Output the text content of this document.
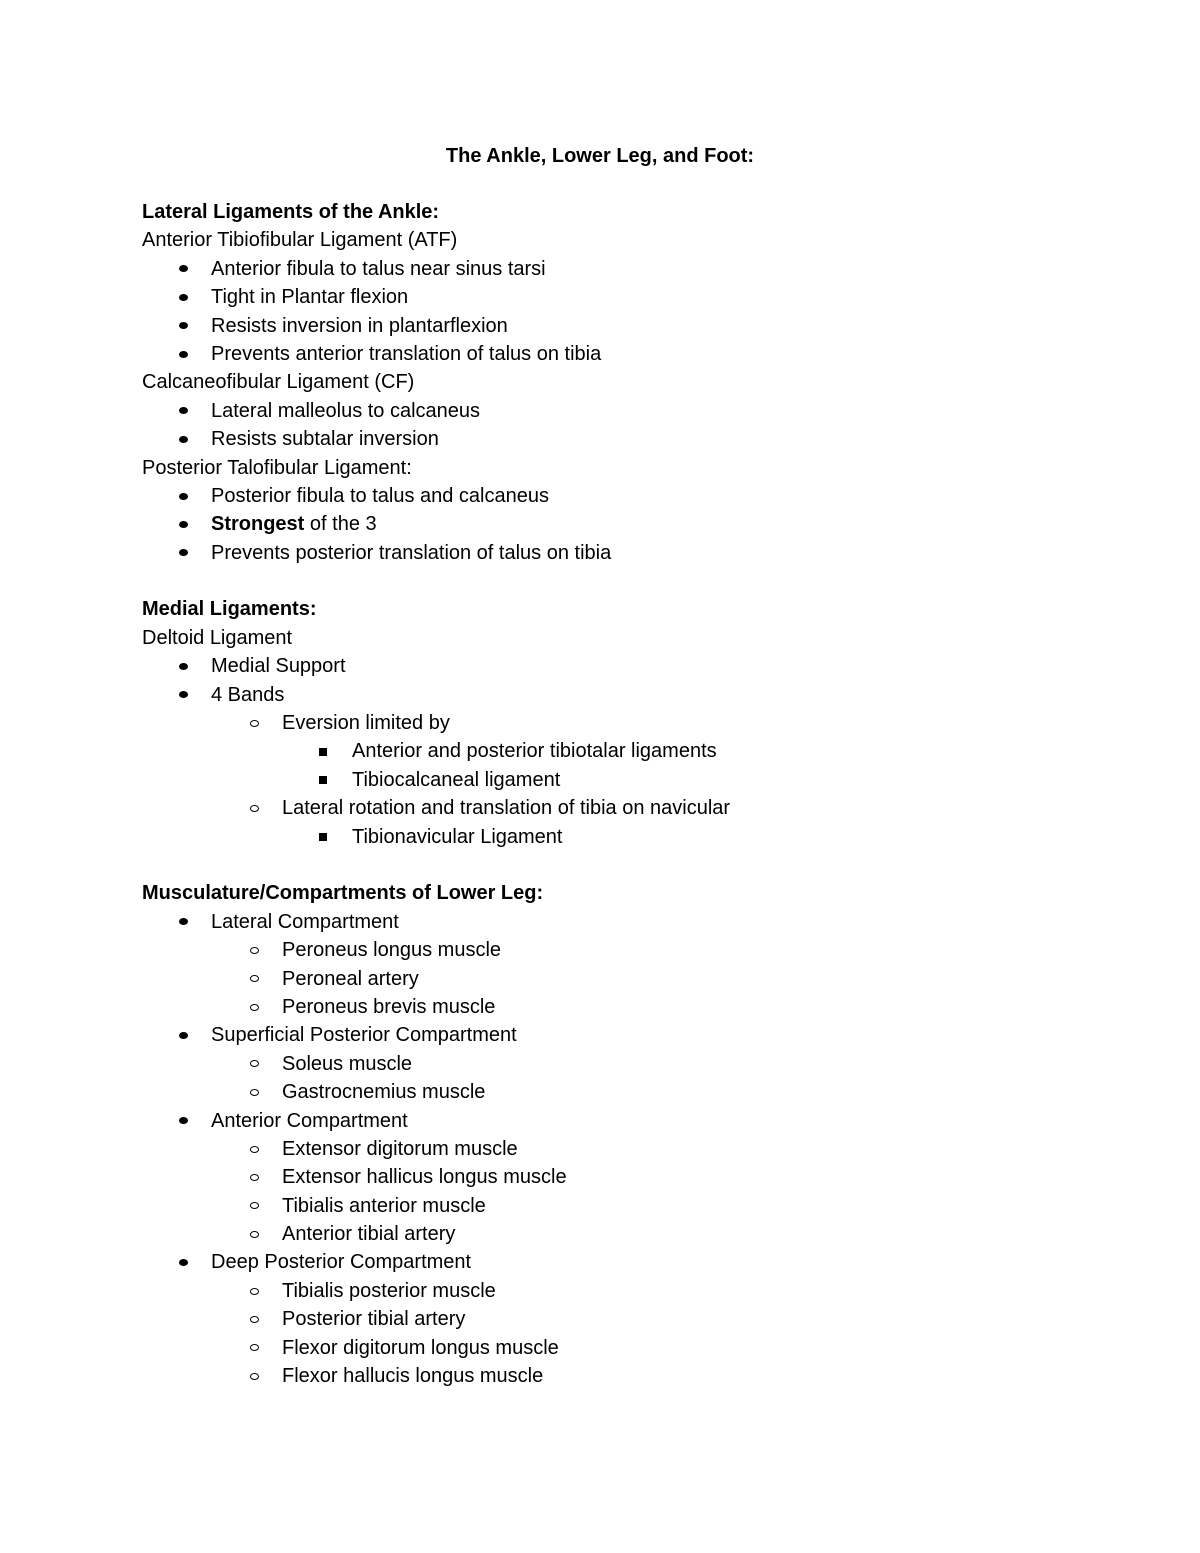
The Ankle, Lower Leg, and Foot:
Lateral Ligaments of the Ankle:
Anterior Tibiofibular Ligament (ATF)
Anterior fibula to talus near sinus tarsi
Tight in Plantar flexion
Resists inversion in plantarflexion
Prevents anterior translation of talus on tibia
Calcaneofibular Ligament (CF)
Lateral malleolus to calcaneus
Resists subtalar inversion
Posterior Talofibular Ligament:
Posterior fibula to talus and calcaneus
Strongest of the 3
Prevents posterior translation of talus on tibia
Medial Ligaments:
Deltoid Ligament
Medial Support
4 Bands
Eversion limited by
Anterior and posterior tibiotalar ligaments
Tibiocalcaneal ligament
Lateral rotation and translation of tibia on navicular
Tibionavicular Ligament
Musculature/Compartments of Lower Leg:
Lateral Compartment
Peroneus longus muscle
Peroneal artery
Peroneus brevis muscle
Superficial Posterior Compartment
Soleus muscle
Gastrocnemius muscle
Anterior Compartment
Extensor digitorum muscle
Extensor hallicus longus muscle
Tibialis anterior muscle
Anterior tibial artery
Deep Posterior Compartment
Tibialis posterior muscle
Posterior tibial artery
Flexor digitorum longus muscle
Flexor hallucis longus muscle
